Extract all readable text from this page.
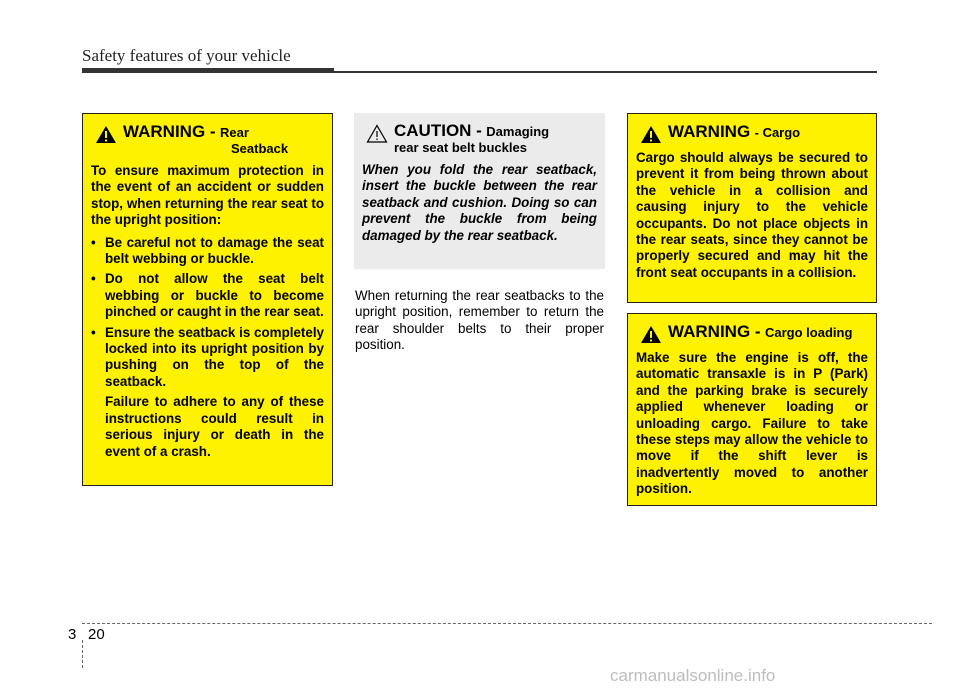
Safety features of your vehicle
WARNING - Rear
Seatback
To ensure maximum protection in the event of an accident or sudden stop, when returning the rear seat to the upright position:
• Be careful not to damage the seat belt webbing or buckle.
• Do not allow the seat belt webbing or buckle to become pinched or caught in the rear seat.
• Ensure the seatback is completely locked into its upright position by pushing on the top of the seatback.
Failure to adhere to any of these instructions could result in serious injury or death in the event of a crash.
CAUTION - Damaging
rear seat belt buckles
When you fold the rear seatback, insert the buckle between the rear seatback and cushion. Doing so can prevent the buckle from being damaged by the rear seatback.
When returning the rear seatbacks to the upright position, remember to return the rear shoulder belts to their proper position.
WARNING - Cargo
Cargo should always be secured to prevent it from being thrown about the vehicle in a collision and causing injury to the vehicle occupants. Do not place objects in the rear seats, since they cannot be properly secured and may hit the front seat occupants in a collision.
WARNING - Cargo loading
Make sure the engine is off, the automatic transaxle is in P (Park) and the parking brake is securely applied whenever loading or unloading cargo. Failure to take these steps may allow the vehicle to move if the shift lever is inadvertently moved to another position.
3 20
carmanualsonline.info
